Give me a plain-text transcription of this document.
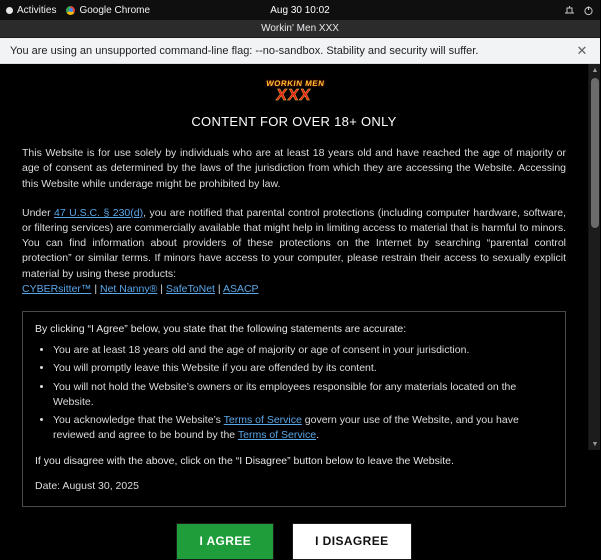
Activities Google Chrome	Aug 30 10:02
Workin' Men XXX
You are using an unsupported command-line flag: --no-sandbox. Stability and security will suffer.	✕
WORKIN MEN
XXX
CONTENT FOR OVER 18+ ONLY

This Website is for use solely by individuals who are at least 18 years old and have reached the age of majority or age of consent as determined by the laws of the jurisdiction from which they are accessing the Website. Accessing this Website while underage might be prohibited by law.

Under 47 U.S.C. § 230(d), you are notified that parental control protections (including computer hardware, software, or filtering services) are commercially available that might help in limiting access to material that is harmful to minors. You can find information about providers of these protections on the Internet by searching “parental control protection” or similar terms. If minors have access to your computer, please restrain their access to sexually explicit material by using these products:
CYBERsitter™ | Net Nanny® | SafeToNet | ASACP

By clicking “I Agree” below, you state that the following statements are accurate:

• You are at least 18 years old and the age of majority or age of consent in your jurisdiction.
• You will promptly leave this Website if you are offended by its content.
• You will not hold the Website’s owners or its employees responsible for any materials located on the Website.
• You acknowledge that the Website’s Terms of Service govern your use of the Website, and you have reviewed and agree to be bound by the Terms of Service.

If you disagree with the above, click on the “I Disagree” button below to leave the Website.

Date: August 30, 2025

I AGREE	I DISAGREE
▲
▼
